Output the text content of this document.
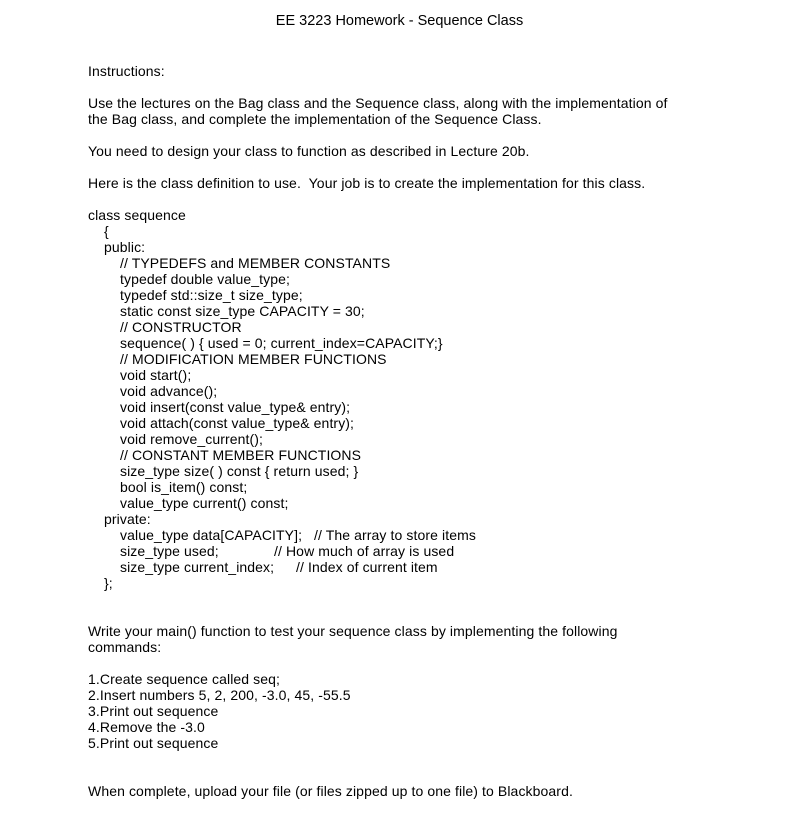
EE 3223 Homework - Sequence Class
Instructions:
Use the lectures on the Bag class and the Sequence class, along with the implementation of
the Bag class, and complete the implementation of the Sequence Class.
You need to design your class to function as described in Lecture 20b.
Here is the class definition to use.  Your job is to create the implementation for this class.
class sequence
{
public:
// TYPEDEFS and MEMBER CONSTANTS
typedef double value_type;
typedef std::size_t size_type;
static const size_type CAPACITY = 30;
// CONSTRUCTOR
sequence( ) { used = 0; current_index=CAPACITY;}
// MODIFICATION MEMBER FUNCTIONS
void start();
void advance();
void insert(const value_type& entry);
void attach(const value_type& entry);
void remove_current();
// CONSTANT MEMBER FUNCTIONS
size_type size( ) const { return used; }
bool is_item() const;
value_type current() const;
private:
value_type data[CAPACITY]; // The array to store items
size_type used;	// How much of array is used
size_type current_index; // Index of current item
};
Write your main() function to test your sequence class by implementing the following
commands:
1.Create sequence called seq;
2.Insert numbers 5, 2, 200, -3.0, 45, -55.5
3.Print out sequence
4.Remove the -3.0
5.Print out sequence
When complete, upload your file (or files zipped up to one file) to Blackboard.
